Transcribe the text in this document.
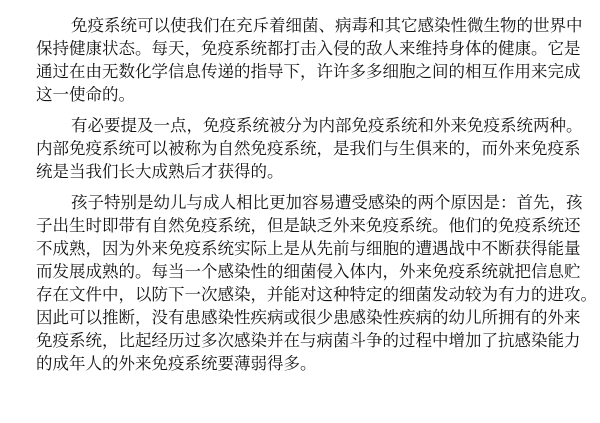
免疫系统可以使我们在充斥着细菌、病毒和其它感染性微生物的世界中
保持健康状态。每天，免疫系统都打击入侵的敌人来维持身体的健康。它是
通过在由无数化学信息传递的指导下，许许多多细胞之间的相互作用来完成
这一使命的。

有必要提及一点，免疫系统被分为内部免疫系统和外来免疫系统两种。
内部免疫系统可以被称为自然免疫系统，是我们与生俱来的，而外来免疫系
统是当我们长大成熟后才获得的。

孩子特别是幼儿与成人相比更加容易遭受感染的两个原因是：首先，孩
子出生时即带有自然免疫系统，但是缺乏外来免疫系统。他们的免疫系统还
不成熟，因为外来免疫系统实际上是从先前与细胞的遭遇战中不断获得能量
而发展成熟的。每当一个感染性的细菌侵入体内，外来免疫系统就把信息贮
存在文件中，以防下一次感染，并能对这种特定的细菌发动较为有力的进攻。
因此可以推断，没有患感染性疾病或很少患感染性疾病的幼儿所拥有的外来
免疫系统，比起经历过多次感染并在与病菌斗争的过程中增加了抗感染能力
的成年人的外来免疫系统要薄弱得多。
